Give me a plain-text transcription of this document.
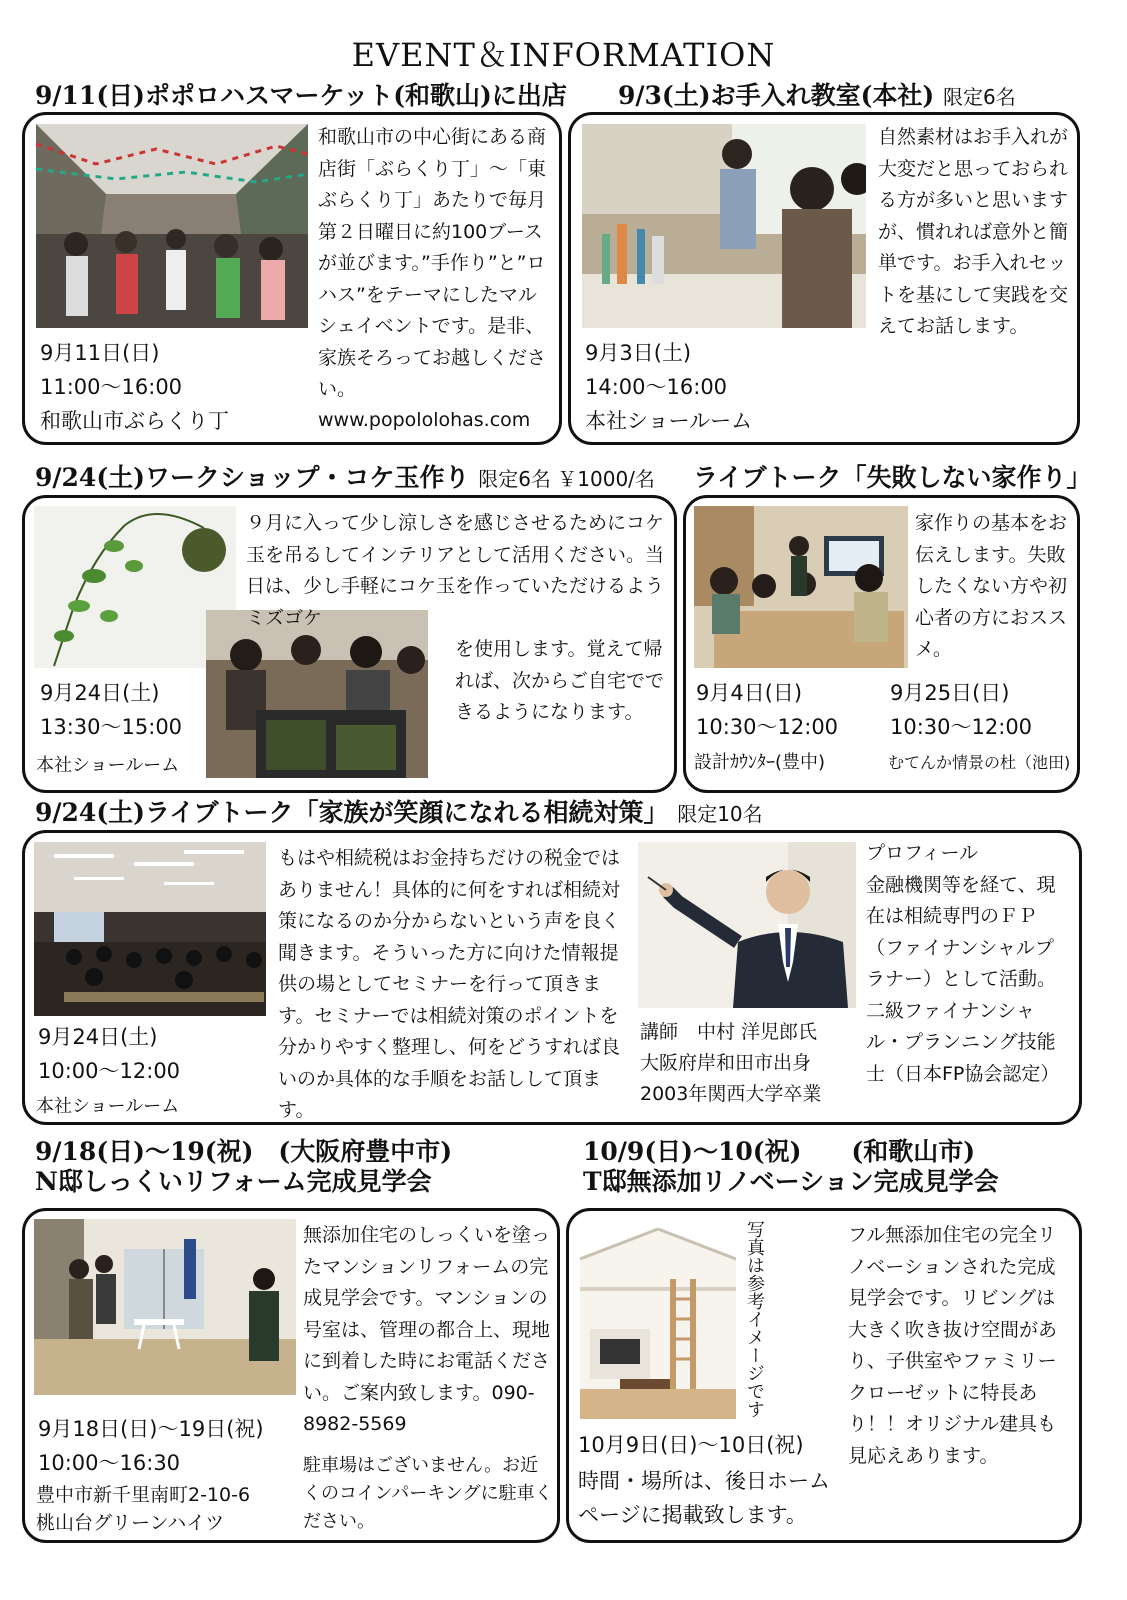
EVENT＆INFORMATION
9/11(日)ポポロハスマーケット(和歌山)に出店
和歌山市の中心街にある商店街「ぶらくり丁」～「東ぶらくり丁」あたりで毎月第２日曜日に約100ブースが並びます。”手作り”と”ロハス”をテーマにしたマルシェイベントです。是非、家族そろってお越しください。
www.popololohas.com
9月11日(日)
11:00～16:00
和歌山市ぶらくり丁
9/3(土)お手入れ教室(本社) 限定6名
自然素材はお手入れが大変だと思っておられる方が多いと思いますが、慣れれば意外と簡単です。お手入れセットを基にして実践を交えてお話します。
9月3日(土)
14:00～16:00
本社ショールーム
9/24(土)ワークショップ・コケ玉作り 限定6名 ￥1000/名
９月に入って少し涼しさを感じさせるためにコケ玉を吊るしてインテリアとして活用ください。当日は、少し手軽にコケ玉を作っていただけるようミズゴケ
を使用します。覚えて帰れば、次からご自宅でできるようになります。
9月24日(土)
13:30～15:00
本社ショールーム
ライブトーク「失敗しない家作り」
家作りの基本をお伝えします。失敗したくない方や初心者の方におススメ。
9月4日(日)
10:30～12:00
設計ｶｳﾝﾀｰ(豊中)
9月25日(日)
10:30～12:00
むてんか情景の杜（池田)
9/24(土)ライブトーク「家族が笑顔になれる相続対策」 限定10名
もはや相続税はお金持ちだけの税金ではありません！具体的に何をすれば相続対策になるのか分からないという声を良く聞きます。そういった方に向けた情報提供の場としてセミナーを行って頂きます。セミナーでは相続対策のポイントを分かりやすく整理し、何をどうすれば良いのか具体的な手順をお話しして頂ます。
9月24日(土)
10:00～12:00
本社ショールーム
講師　中村 洋児郎氏
大阪府岸和田市出身
2003年関西大学卒業
プロフィール
金融機関等を経て、現在は相続専門のＦＰ（ファイナンシャルプラナー）として活動。二級ファイナンシャル・プランニング技能士（日本FP協会認定）
9/18(日)～19(祝)　(大阪府豊中市)
N邸しっくいリフォーム完成見学会
無添加住宅のしっくいを塗ったマンションリフォームの完成見学会です。マンションの号室は、管理の都合上、現地に到着した時にお電話ください。ご案内致します。090-8982-5569
駐車場はございません。お近くのコインパーキングに駐車ください。
9月18日(日)～19日(祝)
10:00～16:30
豊中市新千里南町2-10-6
桃山台グリーンハイツ
10/9(日)～10(祝)　　(和歌山市)
T邸無添加リノベーション完成見学会
写真は参考イメージです	フル無添加住宅の完全リノベーションされた完成見学会です。リビングは大きく吹き抜け空間があり、子供室やファミリークローゼットに特長あり！！オリジナル建具も見応えあります。
10月9日(日)～10日(祝)
時間・場所は、後日ホームページに掲載致します。
